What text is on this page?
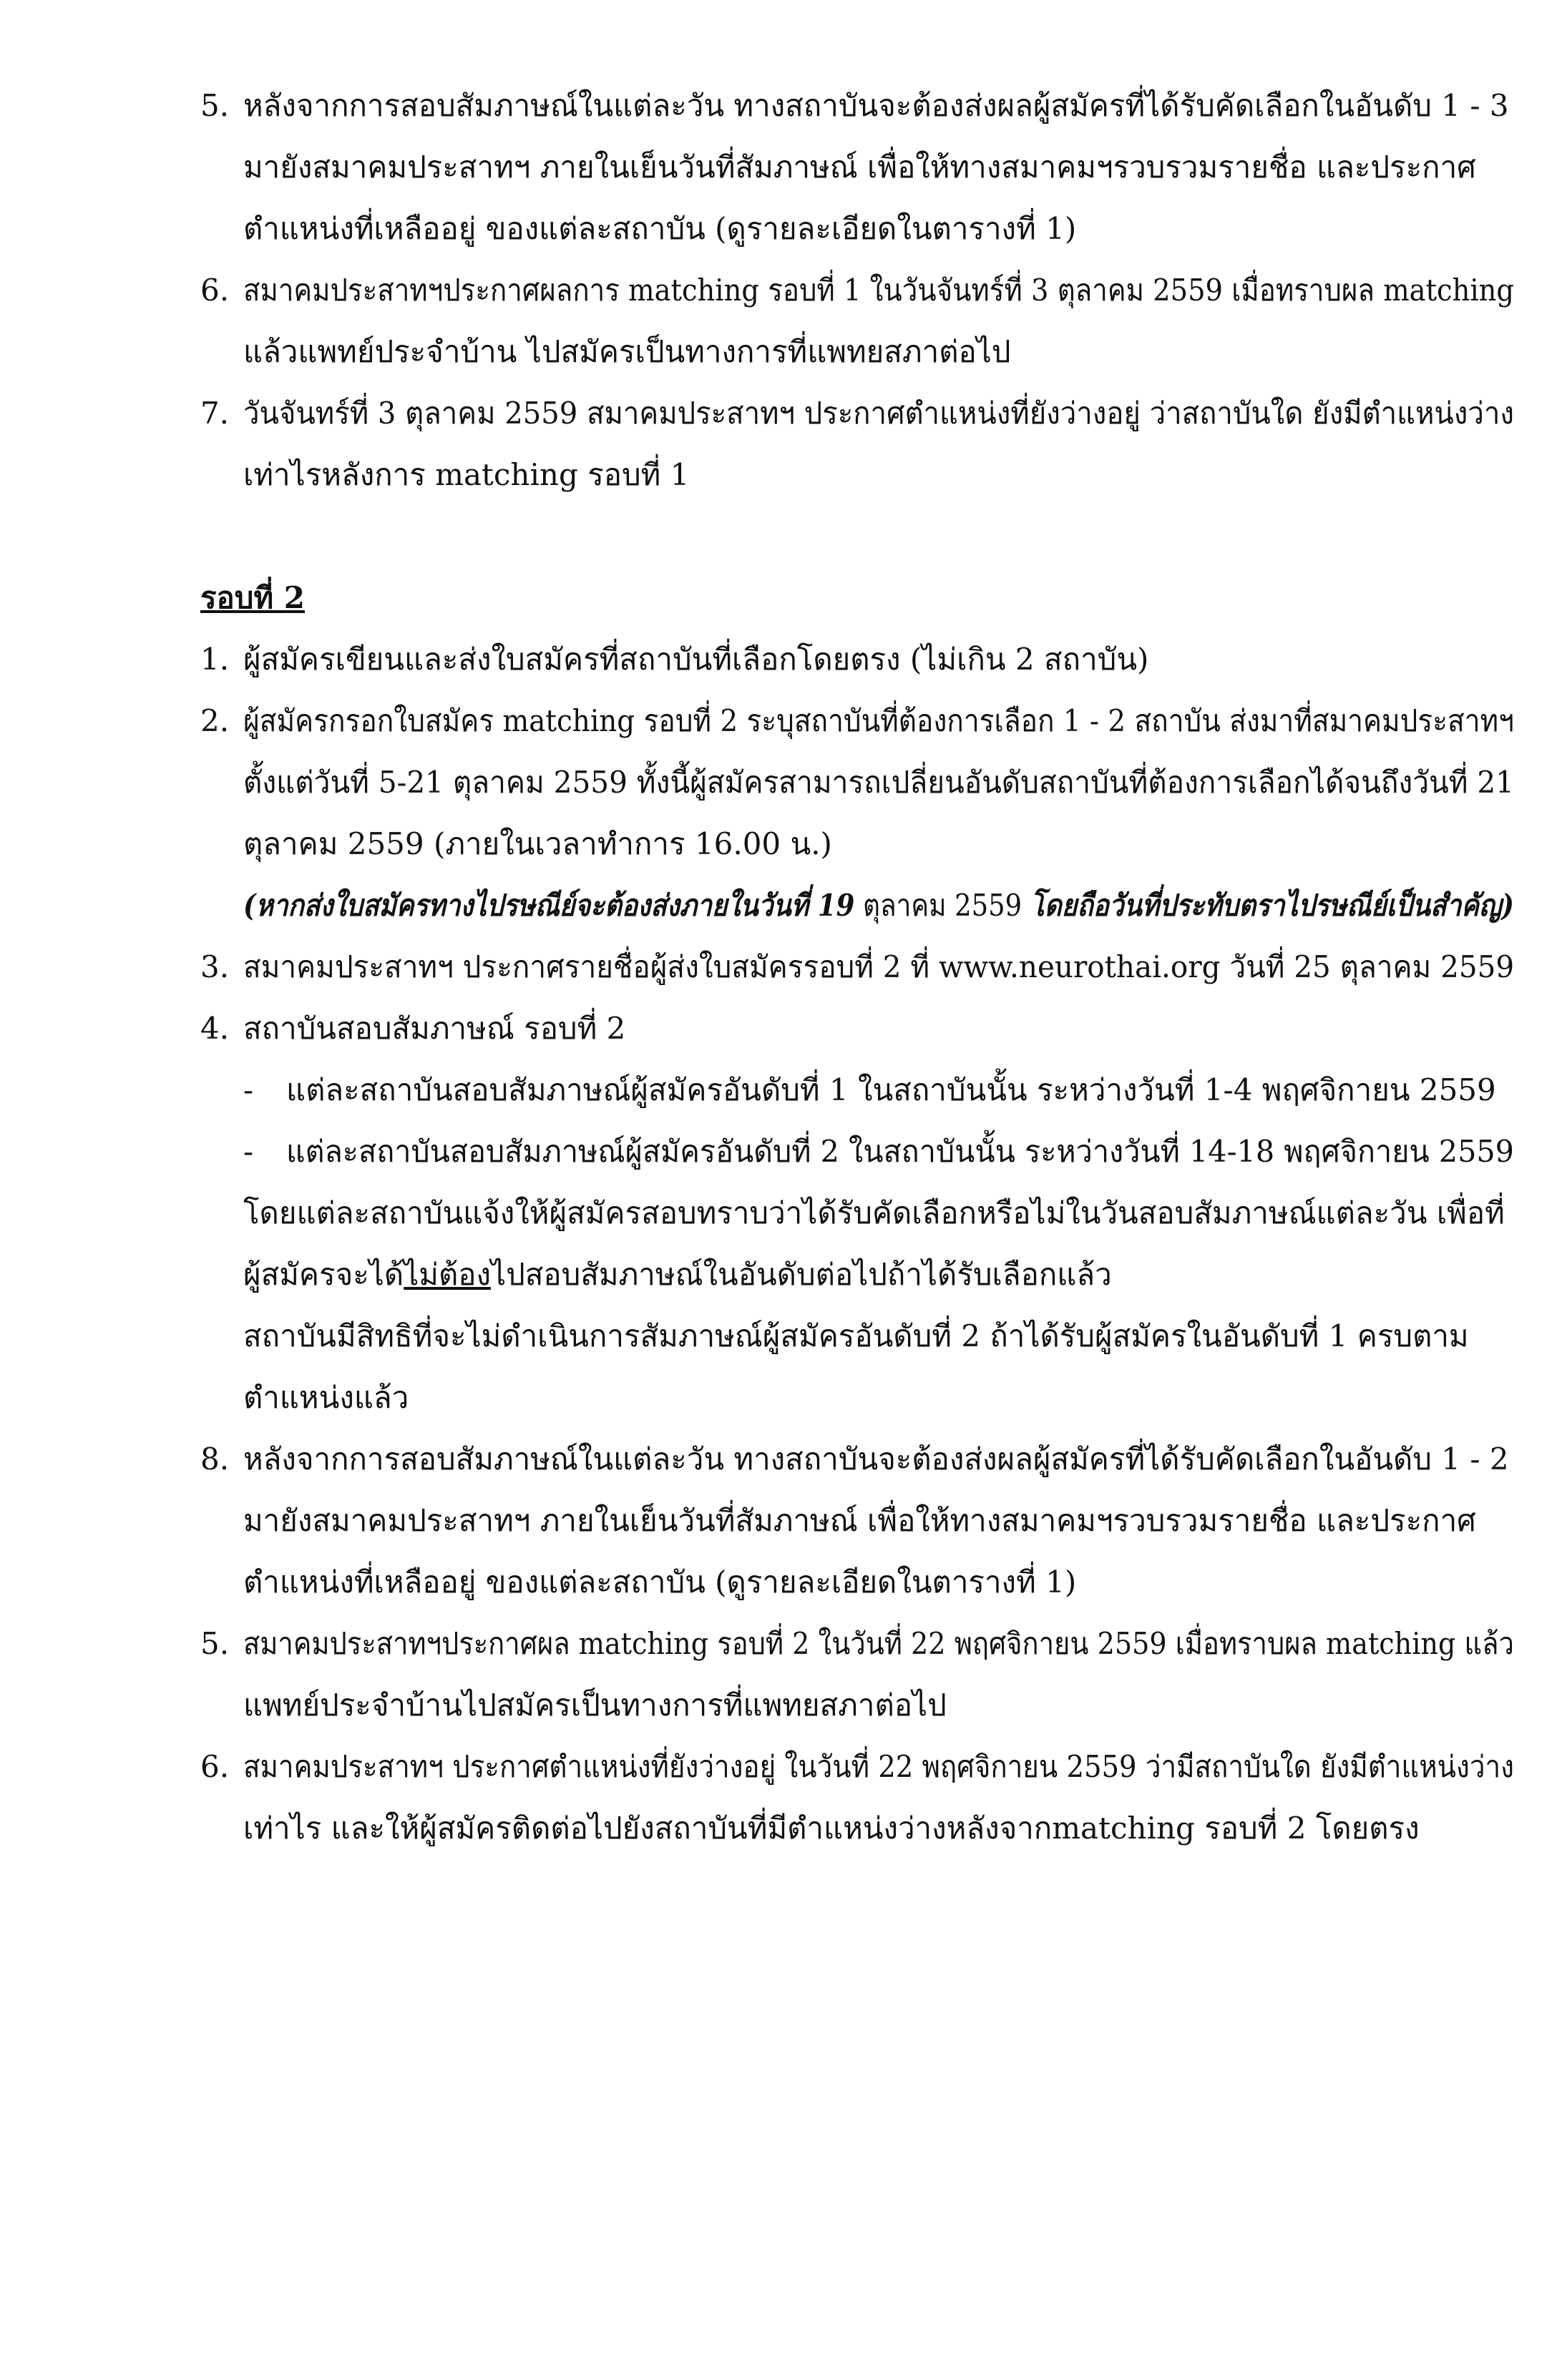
5. หลังจากการสอบสัมภาษณ์ในแต่ละวัน ทางสถาบันจะต้องส่งผลผู้สมัครที่ได้รับคัดเลือกในอันดับ 1 - 3
มายังสมาคมประสาทฯ ภายในเย็นวันที่สัมภาษณ์ เพื่อให้ทางสมาคมฯรวบรวมรายชื่อ และประกาศ
ตำแหน่งที่เหลืออยู่ ของแต่ละสถาบัน (ดูรายละเอียดในตารางที่ 1)
6. สมาคมประสาทฯประกาศผลการ matching รอบที่ 1 ในวันจันทร์ที่ 3 ตุลาคม 2559 เมื่อทราบผล matching
แล้วแพทย์ประจำบ้าน ไปสมัครเป็นทางการที่แพทยสภาต่อไป
7. วันจันทร์ที่ 3 ตุลาคม 2559 สมาคมประสาทฯ ประกาศตำแหน่งที่ยังว่างอยู่ ว่าสถาบันใด ยังมีตำแหน่งว่าง
เท่าไรหลังการ matching รอบที่ 1
รอบที่ 2
1. ผู้สมัครเขียนและส่งใบสมัครที่สถาบันที่เลือกโดยตรง (ไม่เกิน 2 สถาบัน)
2. ผู้สมัครกรอกใบสมัคร matching รอบที่ 2 ระบุสถาบันที่ต้องการเลือก 1 - 2 สถาบัน ส่งมาที่สมาคมประสาทฯ
ตั้งแต่วันที่ 5-21 ตุลาคม 2559 ทั้งนี้ผู้สมัครสามารถเปลี่ยนอันดับสถาบันที่ต้องการเลือกได้จนถึงวันที่ 21
ตุลาคม 2559 (ภายในเวลาทำการ 16.00 น.)
(หากส่งใบสมัครทางไปรษณีย์จะต้องส่งภายในวันที่ 19 ตุลาคม 2559 โดยถือวันที่ประทับตราไปรษณีย์เป็นสำคัญ)
3. สมาคมประสาทฯ ประกาศรายชื่อผู้ส่งใบสมัครรอบที่ 2 ที่ www.neurothai.org วันที่ 25 ตุลาคม 2559
4. สถาบันสอบสัมภาษณ์ รอบที่ 2
- แต่ละสถาบันสอบสัมภาษณ์ผู้สมัครอันดับที่ 1 ในสถาบันนั้น ระหว่างวันที่ 1-4 พฤศจิกายน 2559
- แต่ละสถาบันสอบสัมภาษณ์ผู้สมัครอันดับที่ 2 ในสถาบันนั้น ระหว่างวันที่ 14-18 พฤศจิกายน 2559
โดยแต่ละสถาบันแจ้งให้ผู้สมัครสอบทราบว่าได้รับคัดเลือกหรือไม่ในวันสอบสัมภาษณ์แต่ละวัน เพื่อที่
ผู้สมัครจะได้ไม่ต้องไปสอบสัมภาษณ์ในอันดับต่อไปถ้าได้รับเลือกแล้ว
สถาบันมีสิทธิที่จะไม่ดำเนินการสัมภาษณ์ผู้สมัครอันดับที่ 2 ถ้าได้รับผู้สมัครในอันดับที่ 1 ครบตาม
ตำแหน่งแล้ว
8. หลังจากการสอบสัมภาษณ์ในแต่ละวัน ทางสถาบันจะต้องส่งผลผู้สมัครที่ได้รับคัดเลือกในอันดับ 1 - 2
มายังสมาคมประสาทฯ ภายในเย็นวันที่สัมภาษณ์ เพื่อให้ทางสมาคมฯรวบรวมรายชื่อ และประกาศ
ตำแหน่งที่เหลืออยู่ ของแต่ละสถาบัน (ดูรายละเอียดในตารางที่ 1)
5. สมาคมประสาทฯประกาศผล matching รอบที่ 2 ในวันที่ 22 พฤศจิกายน 2559 เมื่อทราบผล matching แล้ว
แพทย์ประจำบ้านไปสมัครเป็นทางการที่แพทยสภาต่อไป
6. สมาคมประสาทฯ ประกาศตำแหน่งที่ยังว่างอยู่ ในวันที่ 22 พฤศจิกายน 2559 ว่ามีสถาบันใด ยังมีตำแหน่งว่าง
เท่าไร และให้ผู้สมัครติดต่อไปยังสถาบันที่มีตำแหน่งว่างหลังจากmatching รอบที่ 2 โดยตรง
